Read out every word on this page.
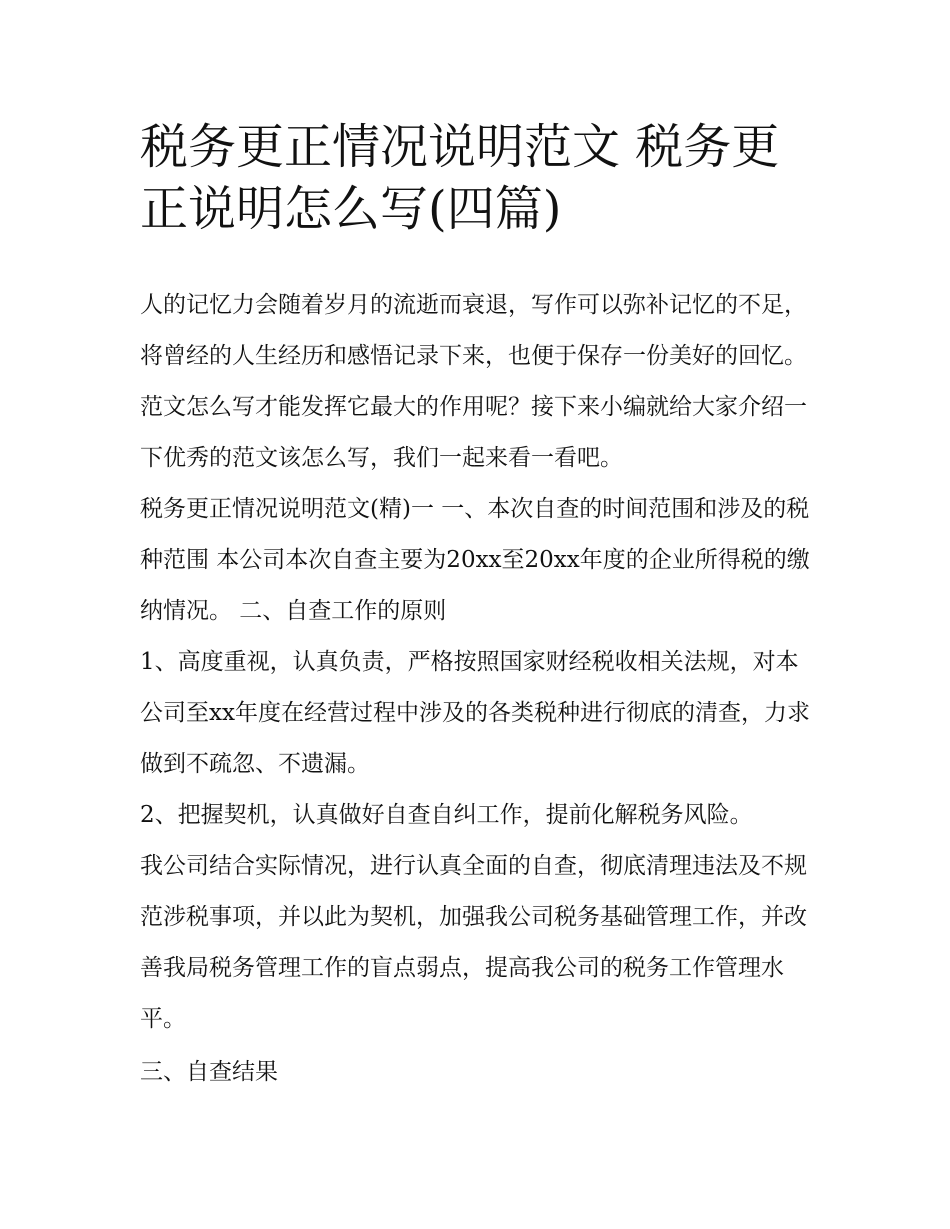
税务更正情况说明范文 税务更正说明怎么写(四篇)

人的记忆力会随着岁月的流逝而衰退，写作可以弥补记忆的不足，将曾经的人生经历和感悟记录下来，也便于保存一份美好的回忆。范文怎么写才能发挥它最大的作用呢？接下来小编就给大家介绍一下优秀的范文该怎么写，我们一起来看一看吧。

税务更正情况说明范文(精)一 一、本次自查的时间范围和涉及的税种范围 本公司本次自查主要为20xx至20xx年度的企业所得税的缴纳情况。 二、自查工作的原则

1、高度重视，认真负责，严格按照国家财经税收相关法规，对本公司至xx年度在经营过程中涉及的各类税种进行彻底的清查，力求做到不疏忽、不遗漏。

2、把握契机，认真做好自查自纠工作，提前化解税务风险。

我公司结合实际情况，进行认真全面的自查，彻底清理违法及不规范涉税事项，并以此为契机，加强我公司税务基础管理工作，并改善我局税务管理工作的盲点弱点，提高我公司的税务工作管理水平。

三、自查结果
